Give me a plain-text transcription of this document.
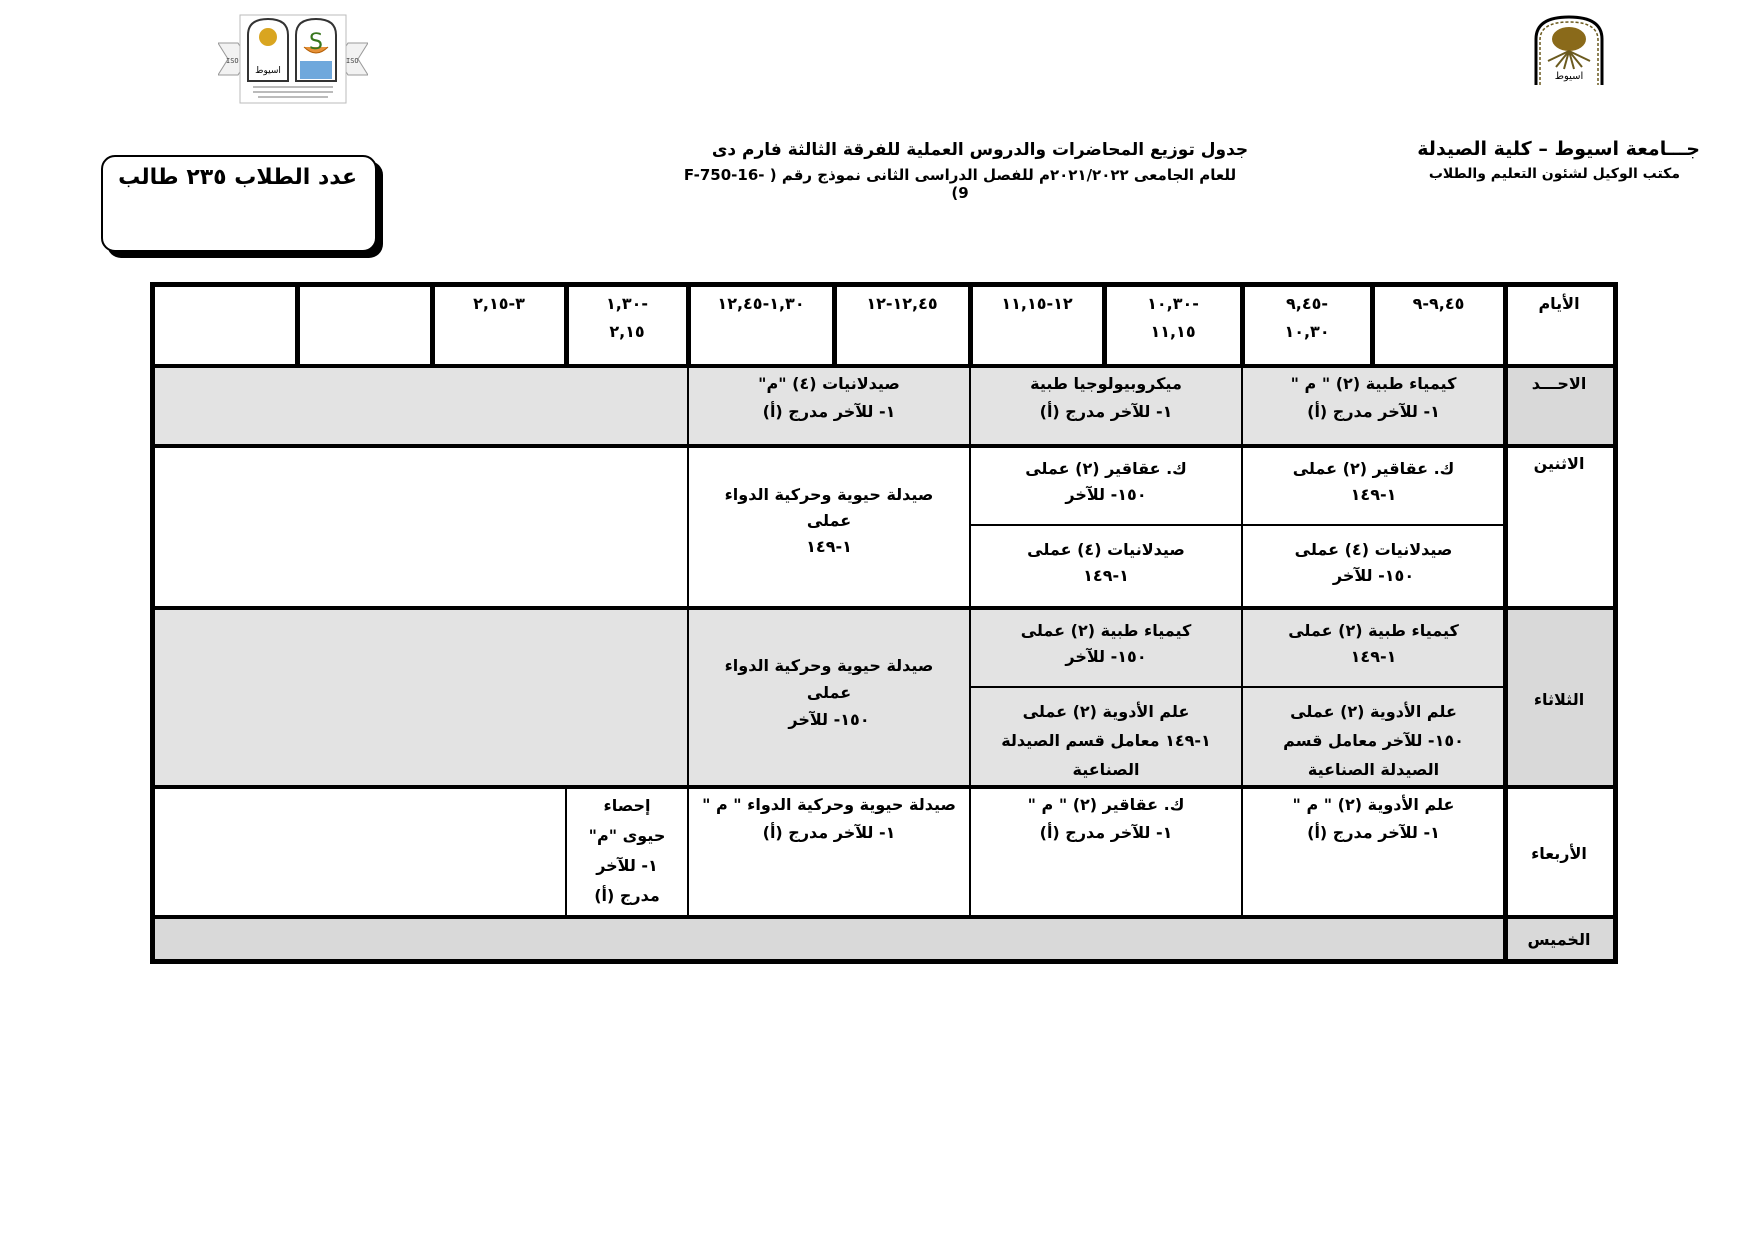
جـــامعة اسيوط – كلية الصيدلة
مكتب الوكيل لشئون التعليم والطلاب
جدول توزيع المحاضرات والدروس العملية للفرقة الثالثة فارم دى
للعام الجامعى ٢٠٢١/٢٠٢٢م للفصل الدراسى الثانى نموذج رقم ( F-750-16-9)
عدد الطلاب ٢٣٥ طالب
اسيوط
ISO	ISO
اسيوط
S
الأيام
٩,٤٥-٩
-٩,٤٥
١٠,٣٠
-١٠,٣٠
١١,١٥
١٢-١١,١٥
١٢,٤٥-١٢
١,٣٠-١٢,٤٥
-١,٣٠
٢,١٥
٣-٢,١٥
الاحـــد
كيمياء طبية (٢) " م "
١- للآخر مدرج (أ)
ميكروبيولوجيا طبية
١- للآخر مدرج (أ)
صيدلانيات (٤) "م"
١- للآخر مدرج (أ)
الاثنين
ك. عقاقير (٢) عملى
١-١٤٩
ك. عقاقير (٢) عملى
١٥٠- للآخر
صيدلانيات (٤) عملى
١٥٠- للآخر
صيدلانيات (٤) عملى
١-١٤٩
صيدلة حيوية وحركية الدواء
عملى
١-١٤٩
الثلاثاء
كيمياء طبية (٢) عملى
١-١٤٩
كيمياء طبية (٢) عملى
١٥٠- للآخر
علم الأدوية (٢) عملى
١٥٠- للآخر معامل قسم
الصيدلة الصناعية
علم الأدوية (٢) عملى
١-١٤٩ معامل قسم الصيدلة
الصناعية
صيدلة حيوية وحركية الدواء
عملى
١٥٠- للآخر
الأربعاء
علم الأدوية (٢) " م "
١- للآخر مدرج (أ)
ك. عقاقير (٢) " م "
١- للآخر مدرج (أ)
صيدلة حيوية وحركية الدواء " م "
١- للآخر مدرج (أ)
إحصاء
حيوى "م"
١- للآخر
مدرج (أ)
الخميس
